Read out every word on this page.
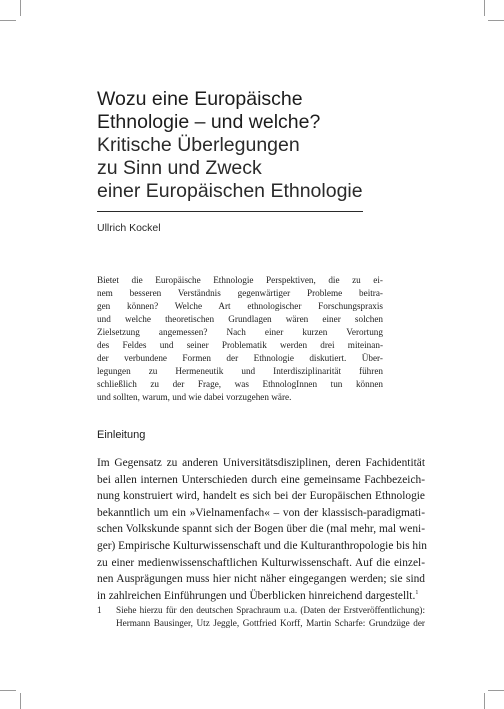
Wozu eine Europäische
Ethnologie – und welche?
Kritische Überlegungen
zu Sinn und Zweck
einer Europäischen Ethnologie
Ullrich Kockel
Bietet die Europäische Ethnologie Perspektiven, die zu ei-
nem besseren Verständnis gegenwärtiger Probleme beitra-
gen können? Welche Art ethnologischer Forschungspraxis
und welche theoretischen Grundlagen wären einer solchen
Zielsetzung angemessen? Nach einer kurzen Verortung
des Feldes und seiner Problematik werden drei miteinan-
der verbundene Formen der Ethnologie diskutiert. Über-
legungen zu Hermeneutik und Interdisziplinarität führen
schließlich zu der Frage, was EthnologInnen tun können
und sollten, warum, und wie dabei vorzugehen wäre.
Einleitung
Im Gegensatz zu anderen Universitätsdisziplinen, deren Fachidentität
bei allen internen Unterschieden durch eine gemeinsame Fachbezeich-
nung konstruiert wird, handelt es sich bei der Europäischen Ethnologie
bekanntlich um ein »Vielnamenfach« – von der klassisch-paradigmati-
schen Volkskunde spannt sich der Bogen über die (mal mehr, mal weni-
ger) Empirische Kulturwissenschaft und die Kulturanthropologie bis hin
zu einer medienwissenschaftlichen Kulturwissenschaft. Auf die einzel-
nen Ausprägungen muss hier nicht näher eingegangen werden; sie sind
in zahlreichen Einführungen und Überblicken hinreichend dargestellt.$^1$
1 Siehe hierzu für den deutschen Sprachraum u.a. (Daten der Erstveröffentlichung):
Hermann Bausinger, Utz Jeggle, Gottfried Korff, Martin Scharfe: Grundzüge der
